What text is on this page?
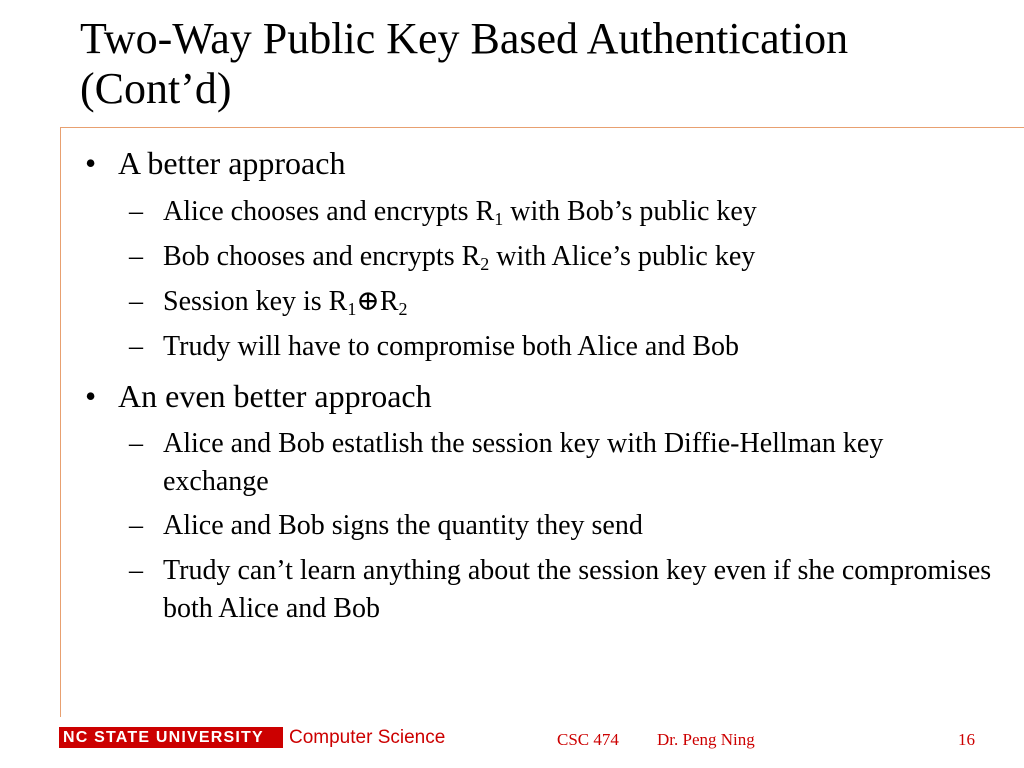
Two-Way Public Key Based Authentication (Cont’d)
• A better approach
– Alice chooses and encrypts $R_1$ with Bob’s public key
– Bob chooses and encrypts $R_2$ with Alice’s public key
– Session key is $R_1\oplus R_2$
– Trudy will have to compromise both Alice and Bob
• An even better approach
– Alice and Bob estatlish the session key with Diffie-Hellman key exchange
– Alice and Bob signs the quantity they send
– Trudy can’t learn anything about the session key even if she compromises both Alice and Bob
NC STATE UNIVERSITY	Computer Science	CSC 474 Dr. Peng Ning	16
